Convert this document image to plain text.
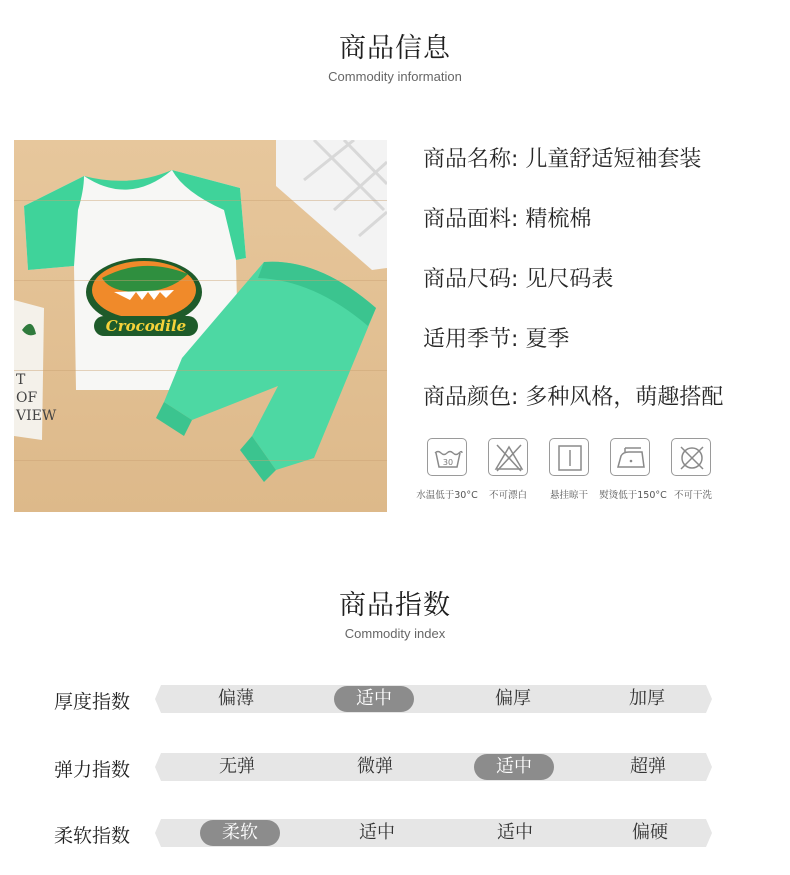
商品信息
Commodity information
Crocodile
T
OF
VIEW
商品名称: 儿童舒适短袖套装
商品面料: 精梳棉
商品尺码: 见尺码表
适用季节: 夏季
商品颜色: 多种风格，萌趣搭配
30
水温低于30°C	不可漂白	悬挂晾干	熨烫低于150°C 不可干洗
商品指数
Commodity index
厚度指数	偏薄	适中	偏厚	加厚
弹力指数	无弹	微弹	适中	超弹
柔软指数	柔软	适中	适中	偏硬
